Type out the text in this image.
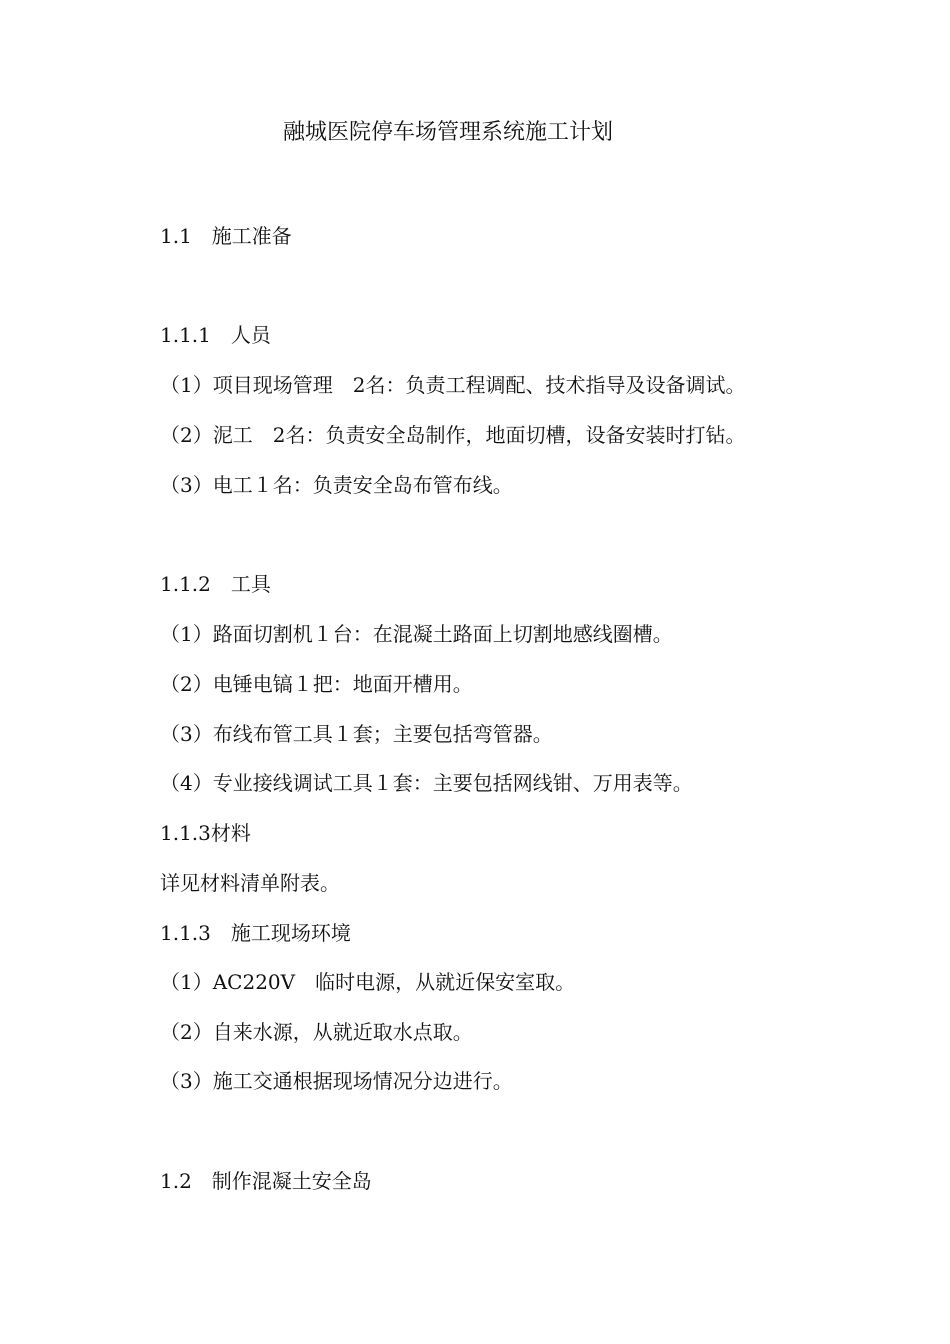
融城医院停车场管理系统施工计划
1.1　施工准备
1.1.1　人员
（1）项目现场管理　2名：负责工程调配、技术指导及设备调试。
（2）泥工　2名：负责安全岛制作，地面切槽，设备安装时打钻。
（3）电工１名：负责安全岛布管布线。
1.1.2　工具
（1）路面切割机１台：在混凝土路面上切割地感线圈槽。
（2）电锤电镐１把：地面开槽用。
（3）布线布管工具１套；主要包括弯管器。
（4）专业接线调试工具１套：主要包括网线钳、万用表等。
1.1.3材料
详见材料清单附表。
1.1.3　施工现场环境
（1）AC220V　临时电源，从就近保安室取。
（2）自来水源，从就近取水点取。
（3）施工交通根据现场情况分边进行。
1.2　制作混凝土安全岛
